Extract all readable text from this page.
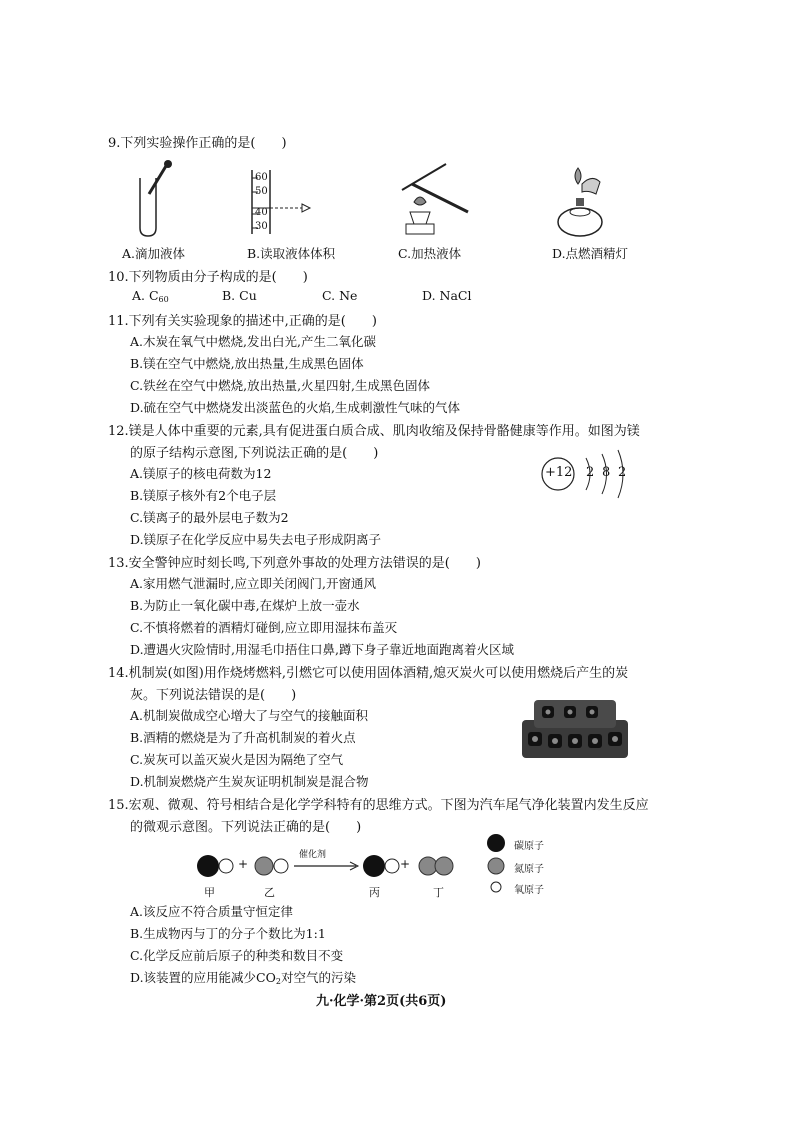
9.下列实验操作正确的是(　　)
60
50
40
30
A.滴加液体	B.读取液体体积	C.加热液体	D.点燃酒精灯
10.下列物质由分子构成的是(　　)
A. $C_{60}$	B. Cu	C. Ne	D. NaCl
11.下列有关实验现象的描述中,正确的是(　　)
A.木炭在氧气中燃烧,发出白光,产生二氧化碳
B.镁在空气中燃烧,放出热量,生成黑色固体
C.铁丝在空气中燃烧,放出热量,火星四射,生成黑色固体
D.硫在空气中燃烧发出淡蓝色的火焰,生成刺激性气味的气体
12.镁是人体中重要的元素,具有促进蛋白质合成、肌肉收缩及保持骨骼健康等作用。如图为镁
的原子结构示意图,下列说法正确的是(　　)
A.镁原子的核电荷数为12
B.镁原子核外有2个电子层
C.镁离子的最外层电子数为2
D.镁原子在化学反应中易失去电子形成阴离子
+12 2 8 2
13.安全警钟应时刻长鸣,下列意外事故的处理方法错误的是(　　)
A.家用燃气泄漏时,应立即关闭阀门,开窗通风
B.为防止一氧化碳中毒,在煤炉上放一壶水
C.不慎将燃着的酒精灯碰倒,应立即用湿抹布盖灭
D.遭遇火灾险情时,用湿毛巾捂住口鼻,蹲下身子靠近地面跑离着火区域
14.机制炭(如图)用作烧烤燃料,引燃它可以使用固体酒精,熄灭炭火可以使用燃烧后产生的炭
灰。下列说法错误的是(　　)
A.机制炭做成空心增大了与空气的接触面积
B.酒精的燃烧是为了升高机制炭的着火点
C.炭灰可以盖灭炭火是因为隔绝了空气
D.机制炭燃烧产生炭灰证明机制炭是混合物
15.宏观、微观、符号相结合是化学学科特有的思维方式。下图为汽车尾气净化装置内发生反应
的微观示意图。下列说法正确的是(　　)
+	+
催化剂
甲	乙	丙	丁
碳原子
氮原子
氧原子
A.该反应不符合质量守恒定律
B.生成物丙与丁的分子个数比为1:1
C.化学反应前后原子的种类和数目不变
D.该装置的应用能减少CO2对空气的污染
九·化学·第2页(共6页)
